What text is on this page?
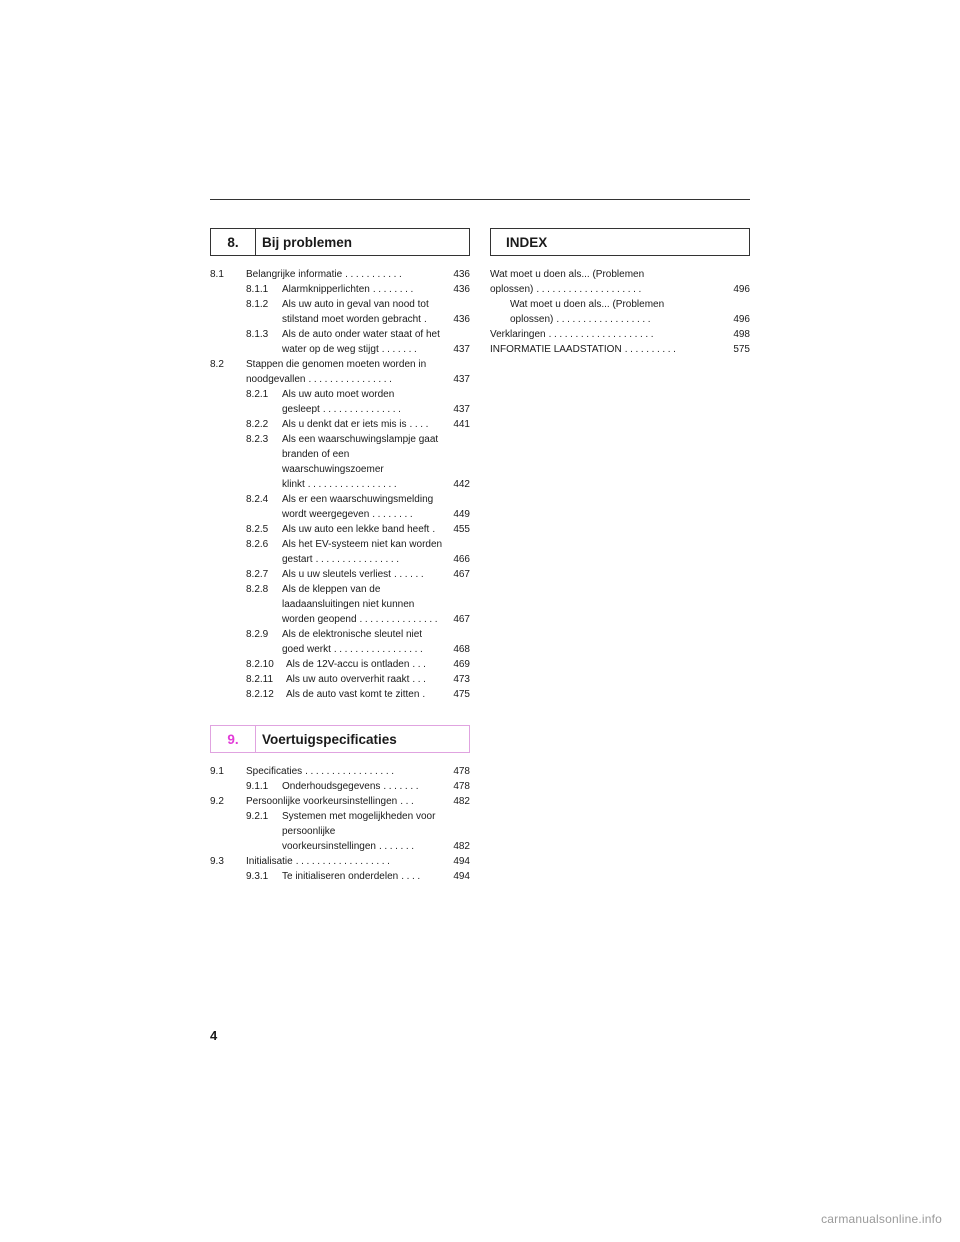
8.	Bij problemen
8.1 Belangrijke informatie ...........	436
8.1.1 Alarmknipperlichten ........	436
8.1.2 Als uw auto in geval van nood tot stilstand moet worden gebracht . 436
8.1.3 Als de auto onder water staat of het water op de weg stijgt .......	437
8.2 Stappen die genomen moeten worden in noodgevallen ................	437
8.2.1 Als uw auto moet worden gesleept ...............	437
8.2.2 Als u denkt dat er iets mis is .... 441
8.2.3 Als een waarschuwingslampje gaat branden of een waarschuwingszoemer klinkt .................	442
8.2.4 Als er een waarschuwingsmelding wordt weergegeven ........	449
8.2.5 Als uw auto een lekke band heeft . 455
8.2.6 Als het EV-systeem niet kan worden gestart ................	466
8.2.7 Als u uw sleutels verliest ......	467
8.2.8 Als de kleppen van de laadaansluitingen niet kunnen worden geopend ............... 467
8.2.9 Als de elektronische sleutel niet goed werkt .................	468
8.2.10 Als de 12V-accu is ontladen ... 469
8.2.11 Als uw auto oververhit raakt ... 473
8.2.12 Als de auto vast komt te zitten .	475
9.	Voertuigspecificaties
9.1 Specificaties .................	478
9.1.1 Onderhoudsgegevens .......	478
9.2 Persoonlijke voorkeursinstellingen ...	482
9.2.1 Systemen met mogelijkheden voor persoonlijke voorkeursinstellingen .......	482
9.3 Initialisatie ..................	494
9.3.1 Te initialiseren onderdelen ....	494
INDEX
Wat moet u doen als... (Problemen oplossen) ....................	496
Wat moet u doen als... (Problemen oplossen) ..................	496
Verklaringen ....................	498
INFORMATIE LAADSTATION ..........	575
4
carmanualsonline.info
